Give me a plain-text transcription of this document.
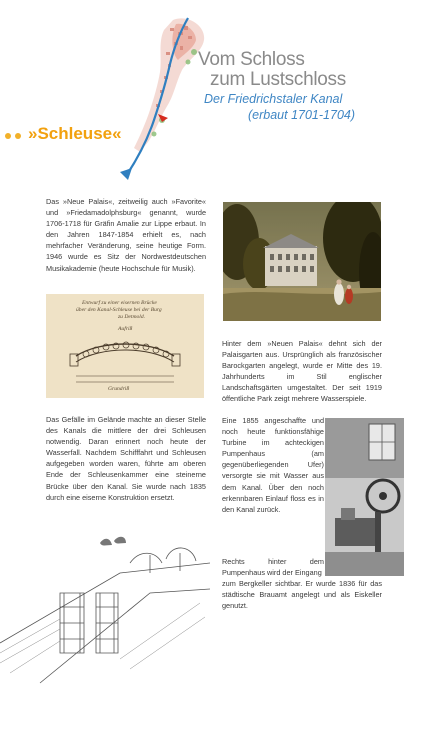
Vom Schloss
zum Lustschloss
Der Friedrichstaler Kanal
(erbaut 1701-1704)
»Schleuse«

Das »Neue Palais«, zeitweilig auch »Favorite« und »Friedamadolphsburg« genannt, wurde 1706-1718 für Gräfin Amalie zur Lippe erbaut. In den Jahren 1847-1854 erhielt es, nach mehrfacher Veränderung, seine heutige Form. 1946 wurde es Sitz der Nordwestdeutschen Musikakademie (heute Hochschule für Musik).

Entwurf zu einer eisernen Brücke
über den Kanal-Schleuse bei der Burg
zu Detmold.
Aufriß
Grundriß

Hinter dem »Neuen Palais« dehnt sich der Palaisgarten aus. Ursprünglich als französischer Barockgarten angelegt, wurde er Mitte des 19. Jahrhunderts im Stil englischer Landschaftsgärten umgestaltet. Der seit 1919 öffentliche Park zeigt mehrere Wasserspiele.

Eine 1855 angeschaffte und noch heute funktionsfähige Turbine im achteckigen Pumpenhaus (am gegenüberliegenden Ufer) versorgte sie mit Wasser aus dem Kanal. Über den noch erkennbaren Einlauf floss es in den Kanal zurück.

Das Gefälle im Gelände machte an dieser Stelle des Kanals die mittlere der drei Schleusen notwendig. Daran erinnert noch heute der Wasserfall. Nachdem Schifffahrt und Schleusen aufgegeben worden waren, führte am oberen Ende der Schleusenkammer eine steinerne Brücke über den Kanal. Sie wurde nach 1835 durch eine eiserne Konstruktion ersetzt.

Rechts hinter dem Pumpenhaus wird der Eingang

zum Bergkeller sichtbar. Er wurde 1836 für das städtische Brauamt angelegt und als Eiskeller genutzt.
